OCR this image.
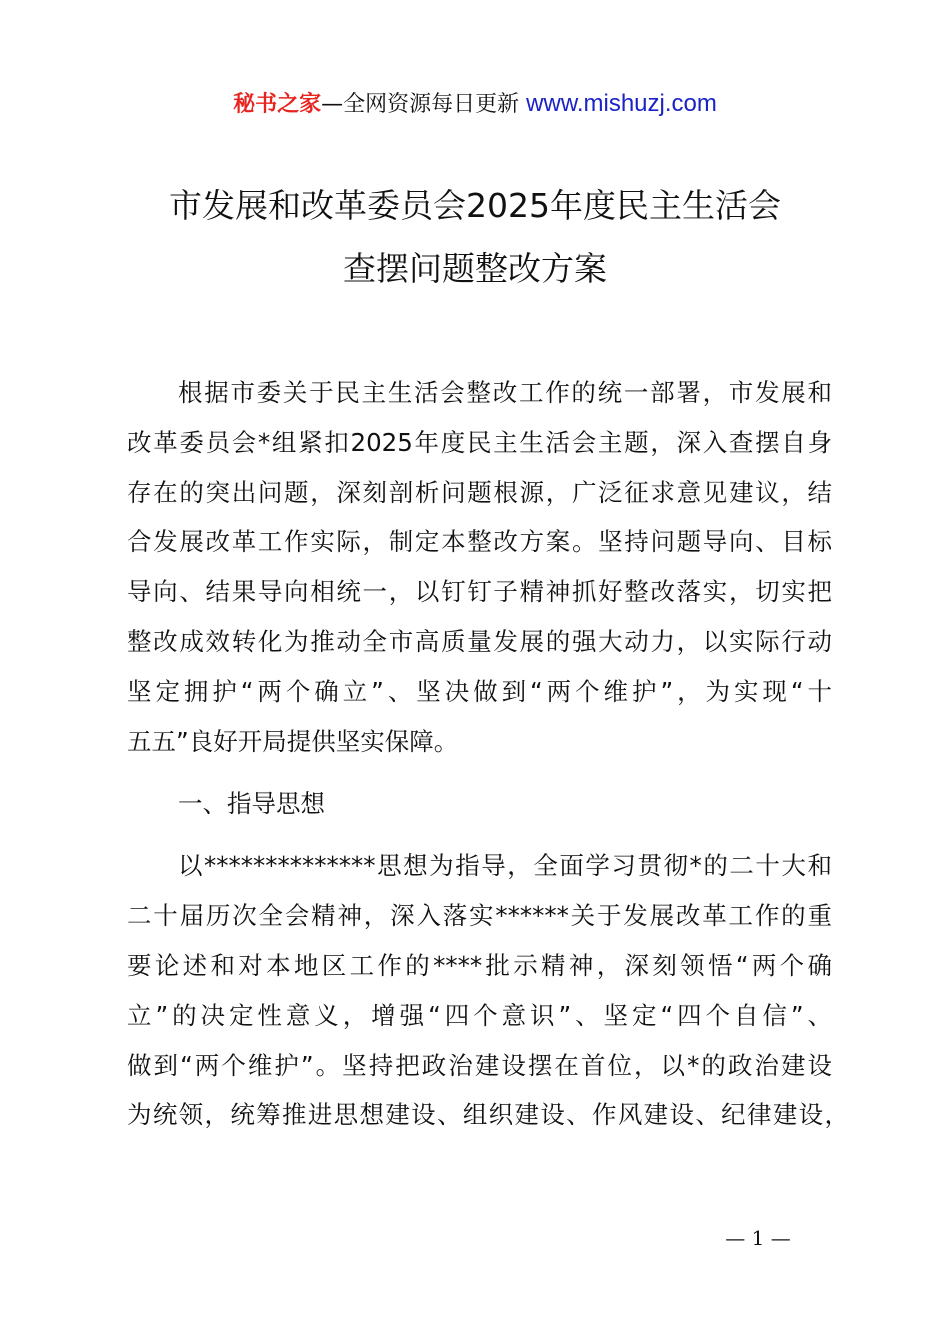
秘书之家—全网资源每日更新 www.mishuzj.com
市发展和改革委员会2025年度民主生活会
查摆问题整改方案
根据市委关于民主生活会整改工作的统一部署，市发展和
改革委员会*组紧扣2025年度民主生活会主题，深入查摆自身
存在的突出问题，深刻剖析问题根源，广泛征求意见建议，结
合发展改革工作实际，制定本整改方案。坚持问题导向、目标
导向、结果导向相统一，以钉钉子精神抓好整改落实，切实把
整改成效转化为推动全市高质量发展的强大动力，以实际行动
坚定拥护“两个确立”、坚决做到“两个维护”，为实现“十
五五”良好开局提供坚实保障。
一、指导思想
以**************思想为指导，全面学习贯彻*的二十大和
二十届历次全会精神，深入落实******关于发展改革工作的重
要论述和对本地区工作的****批示精神，深刻领悟“两个确
立”的决定性意义，增强“四个意识”、坚定“四个自信”、
做到“两个维护”。坚持把政治建设摆在首位，以*的政治建设
为统领，统筹推进思想建设、组织建设、作风建设、纪律建设，
— 1 —
